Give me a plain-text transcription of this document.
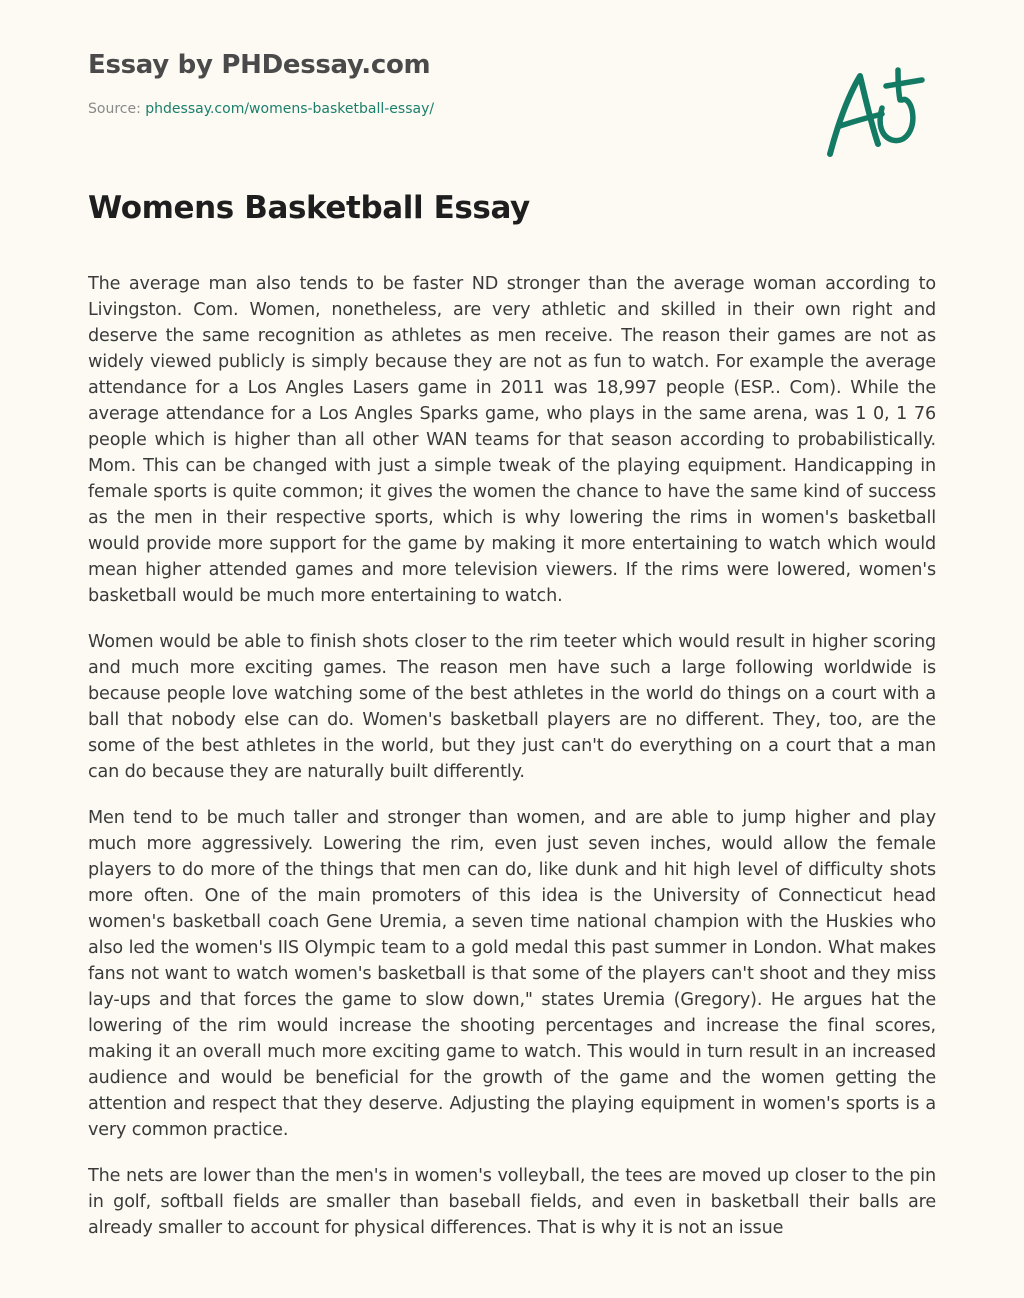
Essay by PHDessay.com

Source: phdessay.com/womens-basketball-essay/

Womens Basketball Essay

The average man also tends to be faster ND stronger than the average woman according to Livingston. Com. Women, nonetheless, are very athletic and skilled in their own right and deserve the same recognition as athletes as men receive. The reason their games are not as widely viewed publicly is simply because they are not as fun to watch. For example the average attendance for a Los Angles Lasers game in 2011 was 18,997 people (ESP.. Com). While the average attendance for a Los Angles Sparks game, who plays in the same arena, was 1 0, 1 76 people which is higher than all other WAN teams for that season according to probabilistically. Mom. This can be changed with just a simple tweak of the playing equipment. Handicapping in female sports is quite common; it gives the women the chance to have the same kind of success as the men in their respective sports, which is why lowering the rims in women's basketball would provide more support for the game by making it more entertaining to watch which would mean higher attended games and more television viewers. If the rims were lowered, women's basketball would be much more entertaining to watch.

Women would be able to finish shots closer to the rim teeter which would result in higher scoring and much more exciting games. The reason men have such a large following worldwide is because people love watching some of the best athletes in the world do things on a court with a ball that nobody else can do. Women's basketball players are no different. They, too, are the some of the best athletes in the world, but they just can't do everything on a court that a man can do because they are naturally built differently.

Men tend to be much taller and stronger than women, and are able to jump higher and play much more aggressively. Lowering the rim, even just seven inches, would allow the female players to do more of the things that men can do, like dunk and hit high level of difficulty shots more often. One of the main promoters of this idea is the University of Connecticut head women's basketball coach Gene Uremia, a seven time national champion with the Huskies who also led the women's IIS Olympic team to a gold medal this past summer in London. What makes fans not want to watch women's basketball is that some of the players can't shoot and they miss lay-ups and that forces the game to slow down," states Uremia (Gregory). He argues hat the lowering of the rim would increase the shooting percentages and increase the final scores, making it an overall much more exciting game to watch. This would in turn result in an increased audience and would be beneficial for the growth of the game and the women getting the attention and respect that they deserve. Adjusting the playing equipment in women's sports is a very common practice.

The nets are lower than the men's in women's volleyball, the tees are moved up closer to the pin in golf, softball fields are smaller than baseball fields, and even in basketball their balls are already smaller to account for physical differences. That is why it is not an issue
